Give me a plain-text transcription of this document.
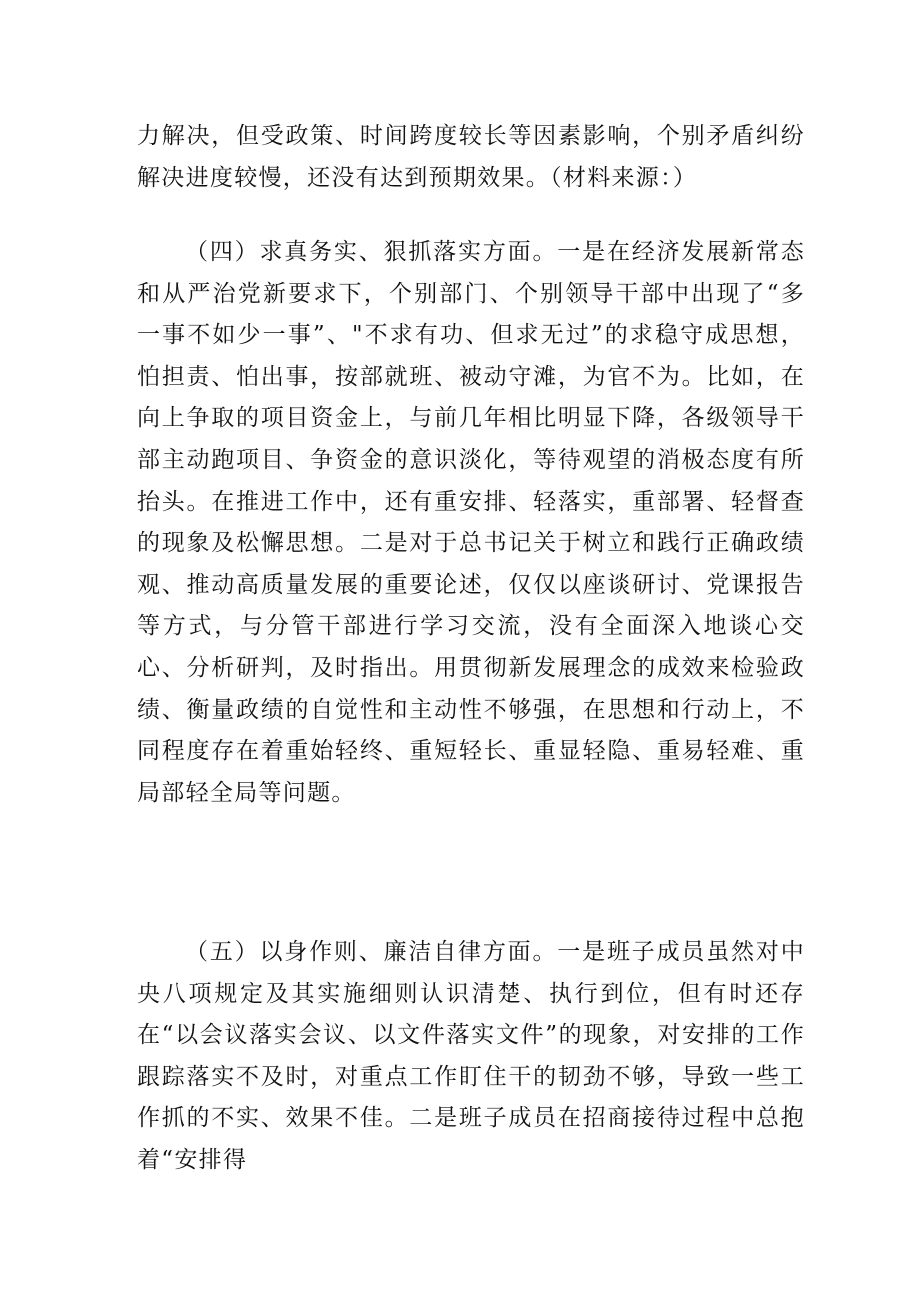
力解决，但受政策、时间跨度较长等因素影响，个别矛盾纠纷解决进度较慢，还没有达到预期效果。（材料来源：）

（四）求真务实、狠抓落实方面。一是在经济发展新常态和从严治党新要求下，个别部门、个别领导干部中出现了“多一事不如少一事”、"不求有功、但求无过”的求稳守成思想，怕担责、怕出事，按部就班、被动守滩，为官不为。比如，在向上争取的项目资金上，与前几年相比明显下降，各级领导干部主动跑项目、争资金的意识淡化，等待观望的消极态度有所抬头。在推进工作中，还有重安排、轻落实，重部署、轻督查的现象及松懈思想。二是对于总书记关于树立和践行正确政绩观、推动高质量发展的重要论述，仅仅以座谈研讨、党课报告等方式，与分管干部进行学习交流，没有全面深入地谈心交心、分析研判，及时指出。用贯彻新发展理念的成效来检验政绩、衡量政绩的自觉性和主动性不够强，在思想和行动上，不同程度存在着重始轻终、重短轻长、重显轻隐、重易轻难、重局部轻全局等问题。

（五）以身作则、廉洁自律方面。一是班子成员虽然对中央八项规定及其实施细则认识清楚、执行到位，但有时还存在“以会议落实会议、以文件落实文件”的现象，对安排的工作跟踪落实不及时，对重点工作盯住干的韧劲不够，导致一些工作抓的不实、效果不佳。二是班子成员在招商接待过程中总抱着“安排得
